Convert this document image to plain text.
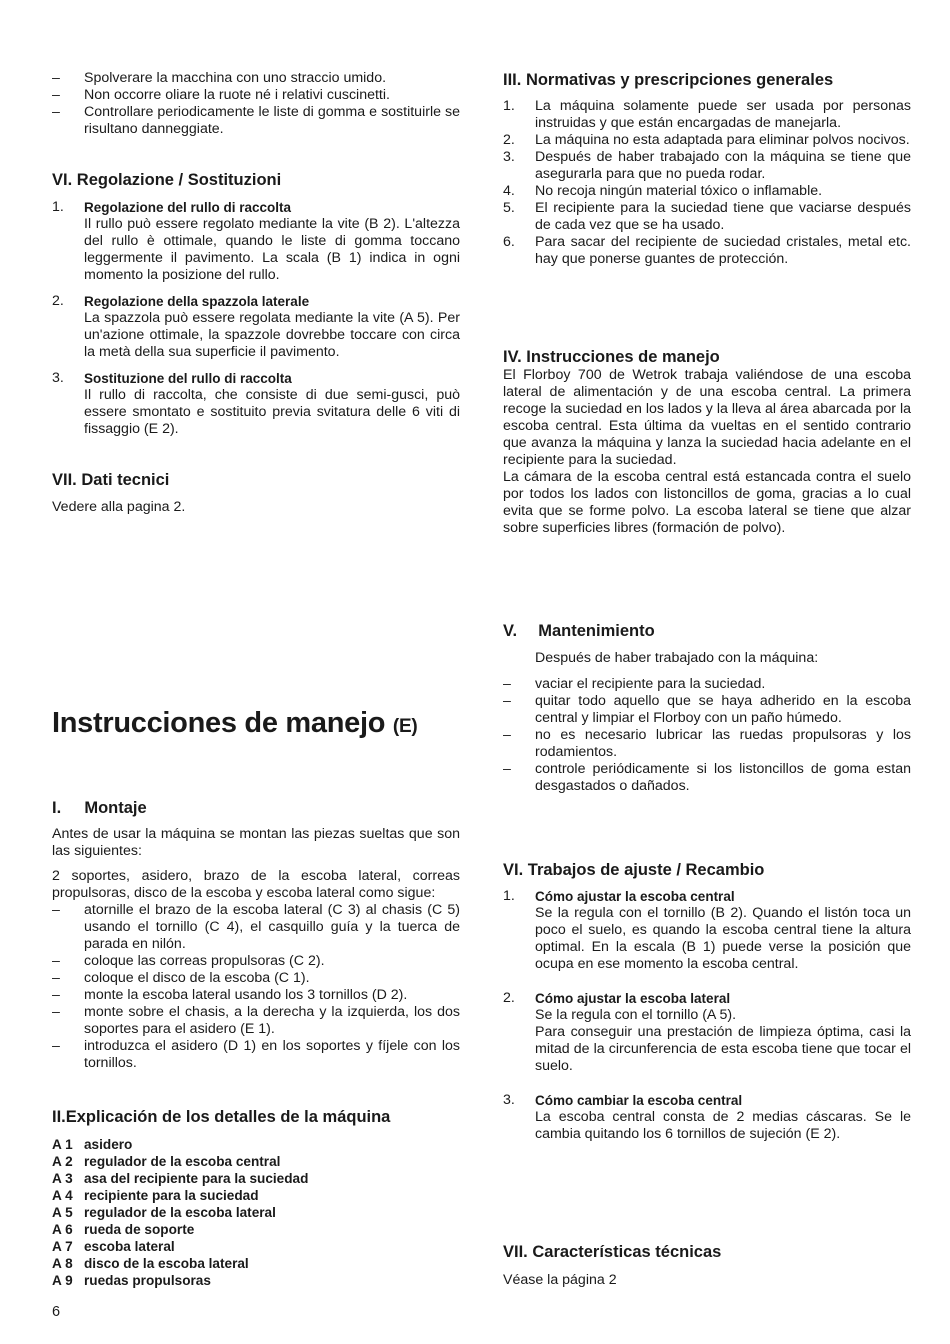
– Spolverare la macchina con uno straccio umido.
– Non occorre oliare la ruote né i relativi cuscinetti.
– Controllare periodicamente le liste di gomma e sostituirle se risultano danneggiate.
VI. Regolazione / Sostituzioni
1. Regolazione del rullo di raccolta
Il rullo può essere regolato mediante la vite (B 2). L'altezza del rullo è ottimale, quando le liste di gomma toccano leggermente il pavimento. La scala (B 1) indica in ogni momento la posizione del rullo.
2. Regolazione della spazzola laterale
La spazzola può essere regolata mediante la vite (A 5). Per un'azione ottimale, la spazzole dovrebbe toccare con circa la metà della sua superficie il pavimento.
3. Sostituzione del rullo di raccolta
Il rullo di raccolta, che consiste di due semi-gusci, può essere smontato e sostituito previa svitatura delle 6 viti di fissaggio (E 2).
VII. Dati tecnici

Vedere alla pagina 2.

Instrucciones de manejo (E)
I. Montaje

Antes de usar la máquina se montan las piezas sueltas que son las siguientes:

2 soportes, asidero, brazo de la escoba lateral, correas propulsoras, disco de la escoba y escoba lateral como sigue:

– atornille el brazo de la escoba lateral (C 3) al chasis (C 5) usando el tornillo (C 4), el casquillo guía y la tuerca de parada en nilón.
– coloque las correas propulsoras (C 2).
– coloque el disco de la escoba (C 1).
– monte la escoba lateral usando los 3 tornillos (D 2).
– monte sobre el chasis, a la derecha y la izquierda, los dos soportes para el asidero (E 1).
– introduzca el asidero (D 1) en los soportes y fíjele con los tornillos.
II.Explicación de los detalles de la máquina
A 1 asidero
A 2 regulador de la escoba central
A 3 asa del recipiente para la suciedad
A 4 recipiente para la suciedad
A 5 regulador de la escoba lateral
A 6 rueda de soporte
A 7 escoba lateral
A 8 disco de la escoba lateral
A 9 ruedas propulsoras
6
III. Normativas y prescripciones generales
1. La máquina solamente puede ser usada por personas instruidas y que están encargadas de manejarla.
2. La máquina no esta adaptada para eliminar polvos nocivos.
3. Después de haber trabajado con la máquina se tiene que asegurarla para que no pueda rodar.
4. No recoja ningún material tóxico o inflamable.
5. El recipiente para la suciedad tiene que vaciarse después de cada vez que se ha usado.
6. Para sacar del recipiente de suciedad cristales, metal etc. hay que ponerse guantes de protección.
IV. Instrucciones de manejo

El Florboy 700 de Wetrok trabaja valiéndose de una escoba lateral de alimentación y de una escoba central. La primera recoge la suciedad en los lados y la lleva al área abarcada por la escoba central. Esta última da vueltas en el sentido contrario que avanza la máquina y lanza la suciedad hacia adelante en el recipiente para la suciedad.

La cámara de la escoba central está estancada contra el suelo por todos los lados con listoncillos de goma, gracias a lo cual evita que se forme polvo. La escoba lateral se tiene que alzar sobre superficies libres (formación de polvo).

V. Mantenimiento

Después de haber trabajado con la máquina:

– vaciar el recipiente para la suciedad.
– quitar todo aquello que se haya adherido en la escoba central y limpiar el Florboy con un paño húmedo.
– no es necesario lubricar las ruedas propulsoras y los rodamientos.
– controle periódicamente si los listoncillos de goma estan desgastados o dañados.
VI. Trabajos de ajuste / Recambio
1. Cómo ajustar la escoba central
Se la regula con el tornillo (B 2). Quando el listón toca un poco el suelo, es quando la escoba central tiene la altura optimal. En la escala (B 1) puede verse la posición que ocupa en ese momento la escoba central.
2. Cómo ajustar la escoba lateral
Se la regula con el tornillo (A 5).
Para conseguir una prestación de limpieza óptima, casi la mitad de la circunferencia de esta escoba tiene que tocar el suelo.
3. Cómo cambiar la escoba central
La escoba central consta de 2 medias cáscaras. Se le cambia quitando los 6 tornillos de sujeción (E 2).
VII. Características técnicas

Véase la página 2
